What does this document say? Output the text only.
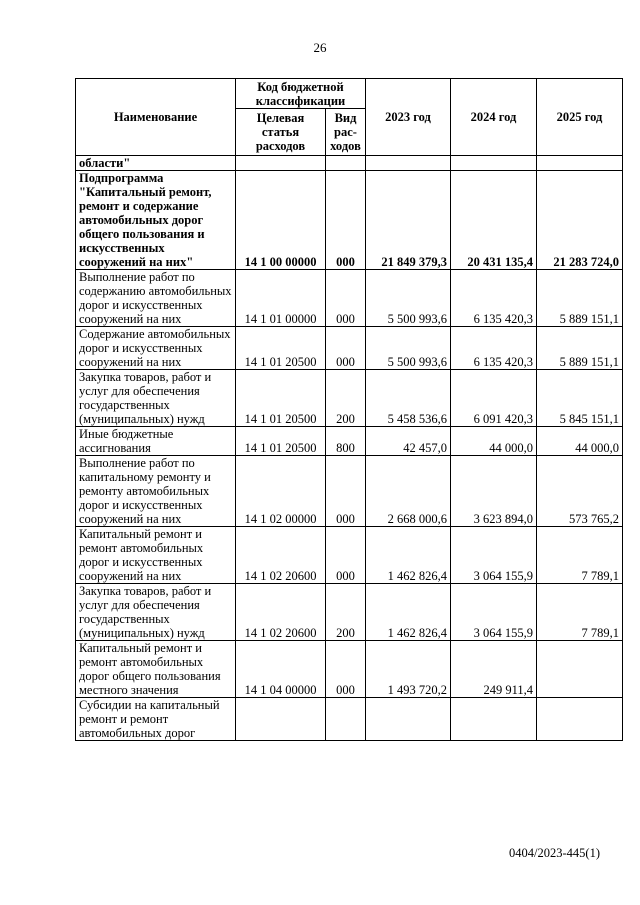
26
Наименование	Код бюджетной классификации		2023 год	2024 год	2025 год
	Целевая статья расходов	Вид рас-ходов			
области"					
Подпрограмма "Капитальный ремонт, ремонт и содержание автомобильных дорог общего пользования и искусственных сооружений на них"	14 1 00 00000	000	21 849 379,3	20 431 135,4	21 283 724,0
Выполнение работ по содержанию автомобильных дорог и искусственных сооружений на них	14 1 01 00000	000	5 500 993,6	6 135 420,3	5 889 151,1
Содержание автомобильных дорог и искусственных сооружений на них	14 1 01 20500	000	5 500 993,6	6 135 420,3	5 889 151,1
Закупка товаров, работ и услуг для обеспечения государственных (муниципальных) нужд	14 1 01 20500	200	5 458 536,6	6 091 420,3	5 845 151,1
Иные бюджетные ассигнования	14 1 01 20500	800	42 457,0	44 000,0	44 000,0
Выполнение работ по капитальному ремонту и ремонту автомобильных дорог и искусственных сооружений на них	14 1 02 00000	000	2 668 000,6	3 623 894,0	573 765,2
Капитальный ремонт и ремонт автомобильных дорог и искусственных сооружений на них	14 1 02 20600	000	1 462 826,4	3 064 155,9	7 789,1
Закупка товаров, работ и услуг для обеспечения государственных (муниципальных) нужд	14 1 02 20600	200	1 462 826,4	3 064 155,9	7 789,1
Капитальный ремонт и ремонт автомобильных дорог общего пользования местного значения	14 1 04 00000	000	1 493 720,2	249 911,4	
Субсидии на капитальный ремонт и ремонт автомобильных дорог					
0404/2023-445(1)
